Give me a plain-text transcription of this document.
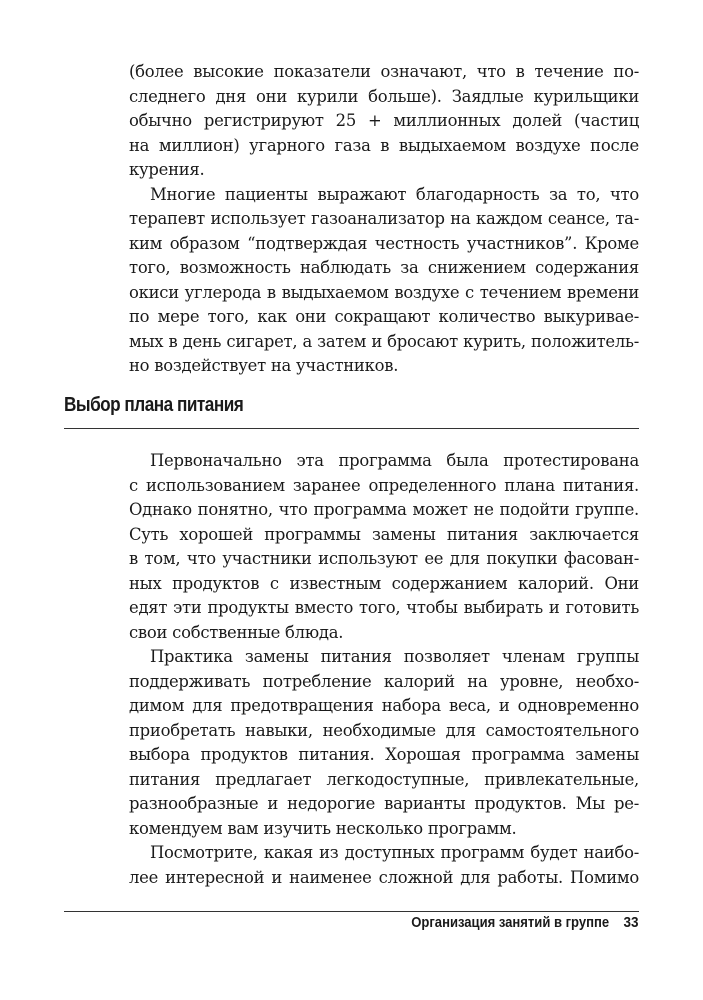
(более высокие показатели означают, что в течение по-
следнего дня они курили больше). Заядлые курильщики
обычно регистрируют 25 + миллионных долей (частиц
на миллион) угарного газа в выдыхаемом воздухе после
курения.
Многие пациенты выражают благодарность за то, что
терапевт использует газоанализатор на каждом сеансе, та-
ким образом “подтверждая честность участников”. Кроме
того, возможность наблюдать за снижением содержания
окиси углерода в выдыхаемом воздухе с течением времени
по мере того, как они сокращают количество выкуривае-
мых в день сигарет, а затем и бросают курить, положитель-
но воздействует на участников.
Выбор плана питания
Первоначально эта программа была протестирована
с использованием заранее определенного плана питания.
Однако понятно, что программа может не подойти группе.
Суть хорошей программы замены питания заключается
в том, что участники используют ее для покупки фасован-
ных продуктов с известным содержанием калорий. Они
едят эти продукты вместо того, чтобы выбирать и готовить
свои собственные блюда.
Практика замены питания позволяет членам группы
поддерживать потребление калорий на уровне, необхо-
димом для предотвращения набора веса, и одновременно
приобретать навыки, необходимые для самостоятельного
выбора продуктов питания. Хорошая программа замены
питания предлагает легкодоступные, привлекательные,
разнообразные и недорогие варианты продуктов. Мы ре-
комендуем вам изучить несколько программ.
Посмотрите, какая из доступных программ будет наибо-
лее интересной и наименее сложной для работы. Помимо
Организация занятий в группе 33
